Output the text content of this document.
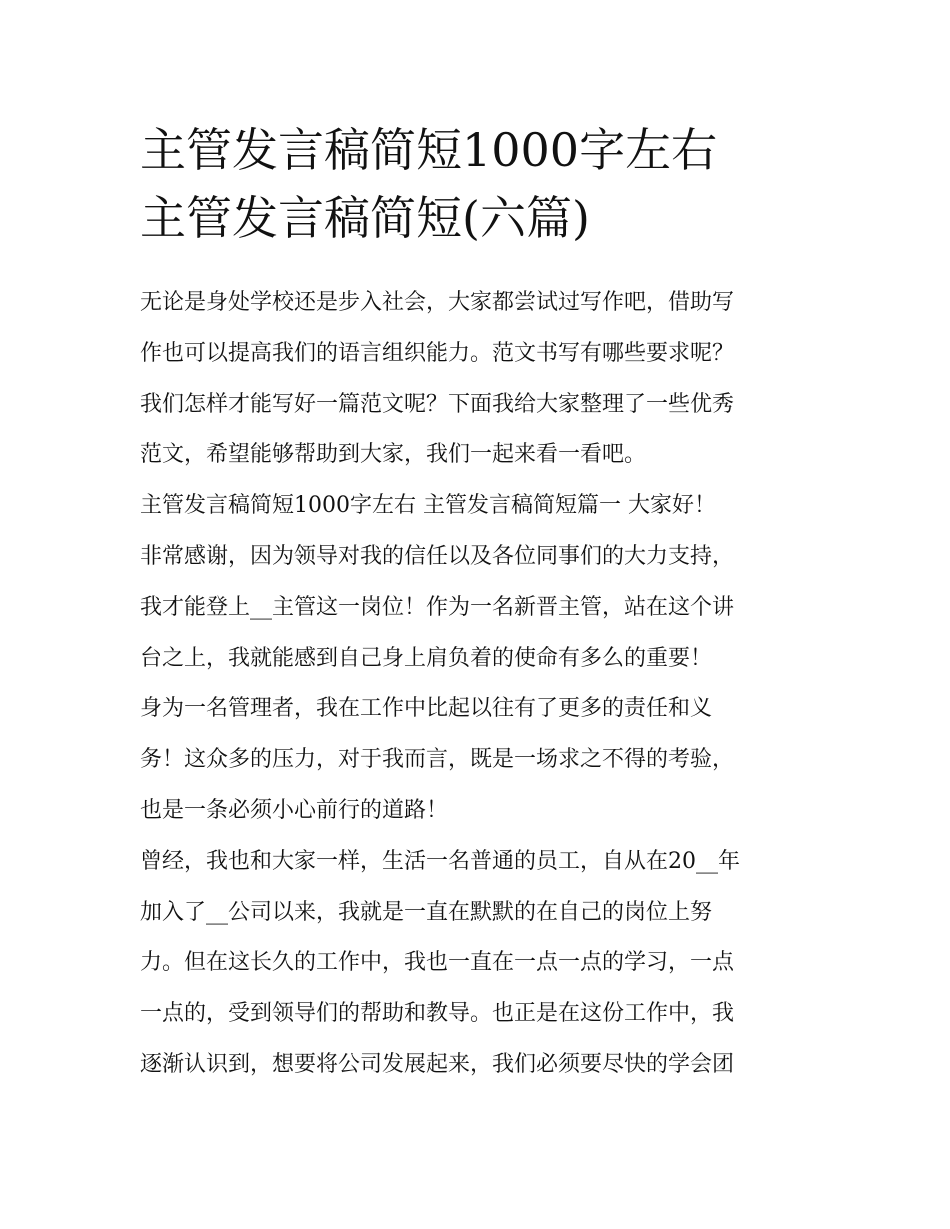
主管发言稿简短1000字左右
主管发言稿简短(六篇)
无论是身处学校还是步入社会，大家都尝试过写作吧，借助写
作也可以提高我们的语言组织能力。范文书写有哪些要求呢？
我们怎样才能写好一篇范文呢？下面我给大家整理了一些优秀
范文，希望能够帮助到大家，我们一起来看一看吧。
主管发言稿简短1000字左右 主管发言稿简短篇一 大家好！
非常感谢，因为领导对我的信任以及各位同事们的大力支持，
我才能登上__主管这一岗位！作为一名新晋主管，站在这个讲
台之上，我就能感到自己身上肩负着的使命有多么的重要！
身为一名管理者，我在工作中比起以往有了更多的责任和义
务！这众多的压力，对于我而言，既是一场求之不得的考验，
也是一条必须小心前行的道路！
曾经，我也和大家一样，生活一名普通的员工，自从在20__年
加入了__公司以来，我就是一直在默默的在自己的岗位上努
力。但在这长久的工作中，我也一直在一点一点的学习，一点
一点的，受到领导们的帮助和教导。也正是在这份工作中，我
逐渐认识到，想要将公司发展起来，我们必须要尽快的学会团
